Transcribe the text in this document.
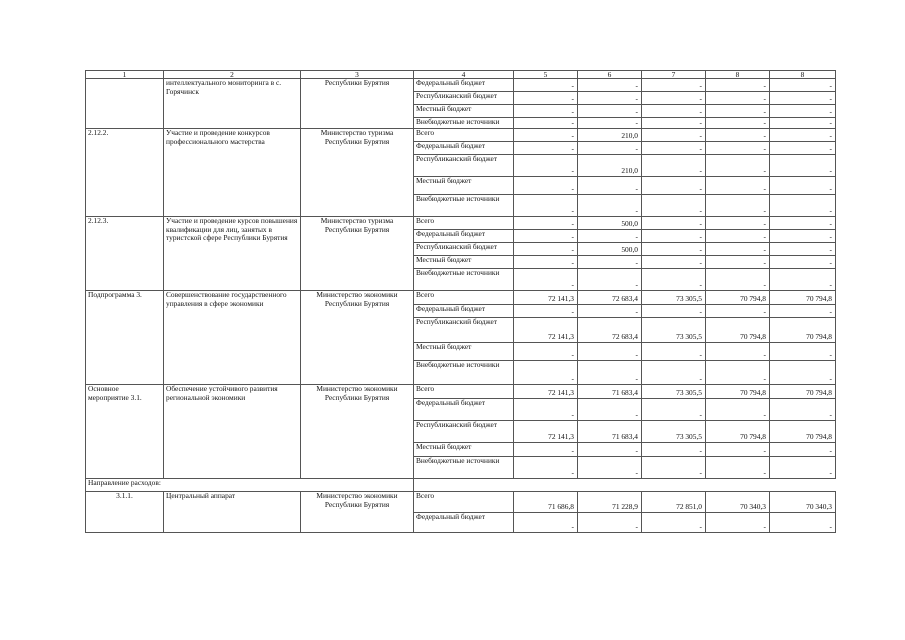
1	2	3	4	5	6	7	8	8
	интеллектуального мониторинга в с. Горячинск	Республики Бурятия	Федеральный бюджет	-	-	-	-	-
			Республиканский бюджет	-	-	-	-	-
			Местный бюджет	-	-	-	-	-
			Внебюджетные источники	-	-	-	-	-
2.12.2.	Участие и проведение конкурсов профессионального мастерства	Министерство туризма Республики Бурятия	Всего	-	210,0	-	-	-
			Федеральный бюджет	-	-	-	-	-
			Республиканский бюджет	-	210,0	-	-	-
			Местный бюджет	-	-	-	-	-
			Внебюджетные источники	-	-	-	-	-
2.12.3.	Участие и проведение курсов повышения квалификации для лиц, занятых в туристской сфере Республики Бурятия	Министерство туризма Республики Бурятия	Всего	-	500,0	-	-	-
			Федеральный бюджет	-	-	-	-	-
			Республиканский бюджет	-	500,0	-	-	-
			Местный бюджет	-	-	-	-	-
			Внебюджетные источники	-	-	-	-	-
Подпрограмма 3.	Совершенствование государственного управления в сфере экономики	Министерство экономики Республики Бурятия	Всего	72 141,3	72 683,4	73 305,5	70 794,8	70 794,8
			Федеральный бюджет	-	-	-	-	-
			Республиканский бюджет	72 141,3	72 683,4	73 305,5	70 794,8	70 794,8
			Местный бюджет	-	-	-	-	-
			Внебюджетные источники	-	-	-	-	-
Основное мероприятие 3.1.	Обеспечение устойчивого развития региональной экономики	Министерство экономики Республики Бурятия	Всего	72 141,3	71 683,4	73 305,5	70 794,8	70 794,8
			Федеральный бюджет	-	-	-	-	-
			Республиканский бюджет	72 141,3	71 683,4	73 305,5	70 794,8	70 794,8
			Местный бюджет	-	-	-	-	-
			Внебюджетные источники	-	-	-	-	-
Направление расходов:								
3.1.1.	Центральный аппарат	Министерство экономики Республики Бурятия	Всего	71 686,8	71 228,9	72 851,0	70 340,3	70 340,3
			Федеральный бюджет	-	-	-	-	-
